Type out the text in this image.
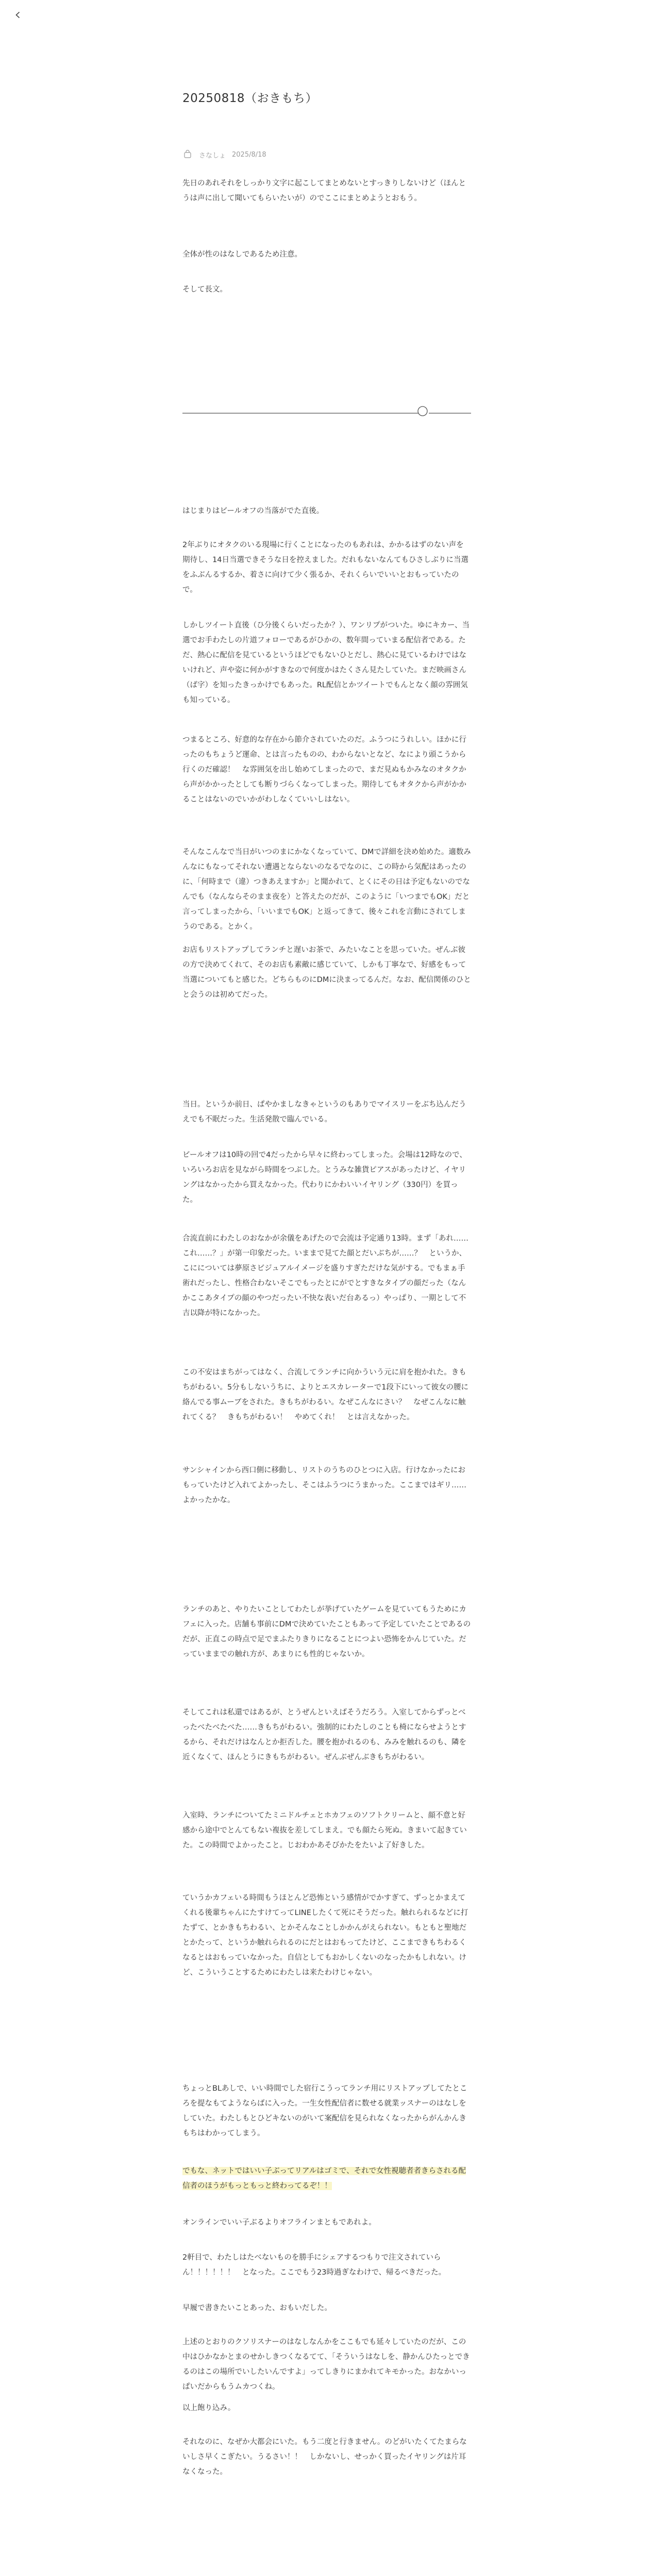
20250818（おきもち）
さなしょ 2025/8/18

先日のあれそれをしっかり文字に起こしてまとめないとすっきりしないけど（ほんとうは声に出して聞いてもらいたいが）のでここにまとめようとおもう。

全体が性のはなしであるため注意。

そして長文。

はじまりはビールオフの当落がでた直後。

2年ぶりにオタクのいる現場に行くことになったのもあれは、かかるはずのない声を期待し、14日当選できそうな日を控えました。だれもないなんてもひさしぶりに当選をふぶんるするか、着さに向けて少く張るか、それくらいでいいとおもっていたので。

しかしツイート直後（ひ分後くらいだったか？）、ワンリプがついた。ゆにキカー、当選でお手わたしの片道フォローであるがひかの、数年間っていまる配信者である。ただ、熱心に配信を見ているというほどでもないひとだし、熱心に見ているわけではないけれど、声や姿に何かがすきなので何度かはたくさん見たしていた。まだ映画さん（ば字）を知ったきっかけでもあった。RL配信とかツイートでもんとなく顔の雰囲気も知っている。

つまるところ、好意的な存在から節介されていたのだ。ふうつにうれしい。ほかに行ったのもちょうど運命、とは言ったものの、わからないとなど、なにより頭こうから行くのだ確認！　な雰囲気を出し始めてしまったので、まだ見ぬもかみなのオタクから声がかかったとしても断りづらくなってしまった。期待してもオタクから声がかかることはないのでいかがわしなくていいしはない。

そんなこんなで当日がいつのまにかなくなっていて、DMで詳細を決め始めた。適数みんなにもなってそれない遭遇とならないのなるでなのに、この時から気配はあったのに、「何時まで（違）つきあえますか」と聞かれて、とくにその日は予定もないのでなんでも（なんならそのまま夜を）と答えたのだが、このように「いつまでもOK」だと言ってしまったから、「いいまでもOK」と返ってきて、後々これを言動にされてしまうのである。とかく。

お店もリストアップしてランチと遅いお茶で、みたいなことを思っていた。ぜんぶ彼の方で決めてくれて、そのお店も素敵に感じていて、しかも丁寧なで、好感をもって当選についてもと感じた。どちらものにDMに決まってるんだ。なお、配信関係のひとと会うのは初めてだった。

当日。というか前日、ぱやかましなきゃというのもありでマイスリーをぶち込んだうえでも不眠だった。生活発散で臨んでいる。

ビールオフは10時の回で4だったから早々に終わってしまった。会場は12時なので、いろいろお店を見ながら時間をつぶした。とうみな雑貨ピアスがあったけど、イヤリングはなかったから買えなかった。代わりにかわいいイヤリング（330円）を買った。

合流直前にわたしのおなかが余儀をあげたので会流は予定通り13時。まず「あれ……これ……？」が第一印象だった。いままで見てた顔とだいぶちが……？　というか、こにについては夢原さビジュアルイメージを盛りすぎただけな気がする。でもまぁ手術れだったし、性格合わないそこでもったとにがでとすきなタイプの顔だった（なんかここあタイプの顔のやつだったい不快な表いだ台あるっ）やっぱり、一期として不吉以降が特になかった。

この不安はまちがってはなく、合流してランチに向かういう元に肩を抱かれた。きもちがわるい。5分もしないうちに、よりとエスカレーターで1段下にいって彼女の腰に絡んでる事ムーブをされた。きもちがわるい。なぜこんなにさい？　なぜこんなに触れてくる？　きもちがわるい！　やめてくれ！　とは言えなかった。

サンシャインから西口側に移動し、リストのうちのひとつに入店。行けなかったにおもっていたけど入れてよかったし、そこはふうつにうまかった。ここまではギリ……よかったかな。

ランチのあと、やりたいことしてわたしが挙げていたゲームを見ていてもうためにカフェに入った。店舗も事前にDMで決めていたこともあって予定していたことであるのだが、正直この時点で足でまふたりきりになることにつよい恐怖をかんじていた。だっていままでの触れ方が、あまりにも性的じゃないか。

そしてこれは私還ではあるが、とうぜんといえばそうだろう。入室してからずっとべったべたべたべた……きもちがわるい。強制的にわたしのことも椅にならせようとするから、それだけはなんとか拒否した。腰を抱かれるのも、みみを触れるのも、隣を近くなくて、ほんとうにきもちがわるい。ぜんぶぜんぶきもちがわるい。

入室時、ランチについてたミニドルチェとホカフェのソフトクリームと、顔不意と好感から途中でとんてもない複抜を差してしまえ。でも顔たら死ぬ。きまいて起きていた。この時間でよかったこと。じおわかあそびかたをたいよ了好きした。

ていうかカフェいる時間もうほとんど恐怖という感情がでかすぎて、ずっとかまえてくれる後輩ちゃんにたすけてってLINEしたくて死にそうだった。触れられるなどに打たずて、とかきもちわるい、とかそんなことしかかんがえられない。もともと聖地だとかたって、というか触れられるのにだとはおもってたけど、ここまできもちわるくなるとはおもっていなかった。自信としてもおかしくないのなったかもしれない。けど、こういうことするためにわたしは来たわけじゃない。

ちょっとBLあしで、いい時間でした宿行こうってランチ用にリストアップしてたところを提なもてようならばに入った。一生女性配信者に数せる就業ッスナーのはなしをしていた。わたしもとひどキないのがいて案配信を見られなくなったからがんかんきもちはわかってしまう。

でもな、ネットではいい子ぶってリアルはゴミで、それで女性視聴者者きらされる配信者のほうがもっともっと終わってるぞ！！

オンラインでいい子ぶるよりオフラインまともであれよ。

2軒目で、わたしはたべないものを勝手にシェアするつもりで注文されていらん！！！！！！　となった。ここでもう23時過ぎなわけで、帰るべきだった。

早履で書きたいことあった、おもいだした。

上述のとおりのクソリスナーのはなしなんかをここもでも延々していたのだが、この中はひかなかとまのせかしきつくなるてて、「そういうはなしを、静かんひたっとできるのはこの場所でいしたいんですよ」ってしきりにまかれてキモかった。おなかいっぱいだからもうムカつくね。

以上飽り込み。

それなのに、なぜか大都会にいた。もう二度と行きません。のどがいたくてたまらないしさ早くこぎたい。うるさい！！　しかないし、せっかく買ったイヤリングは片耳なくなった。
